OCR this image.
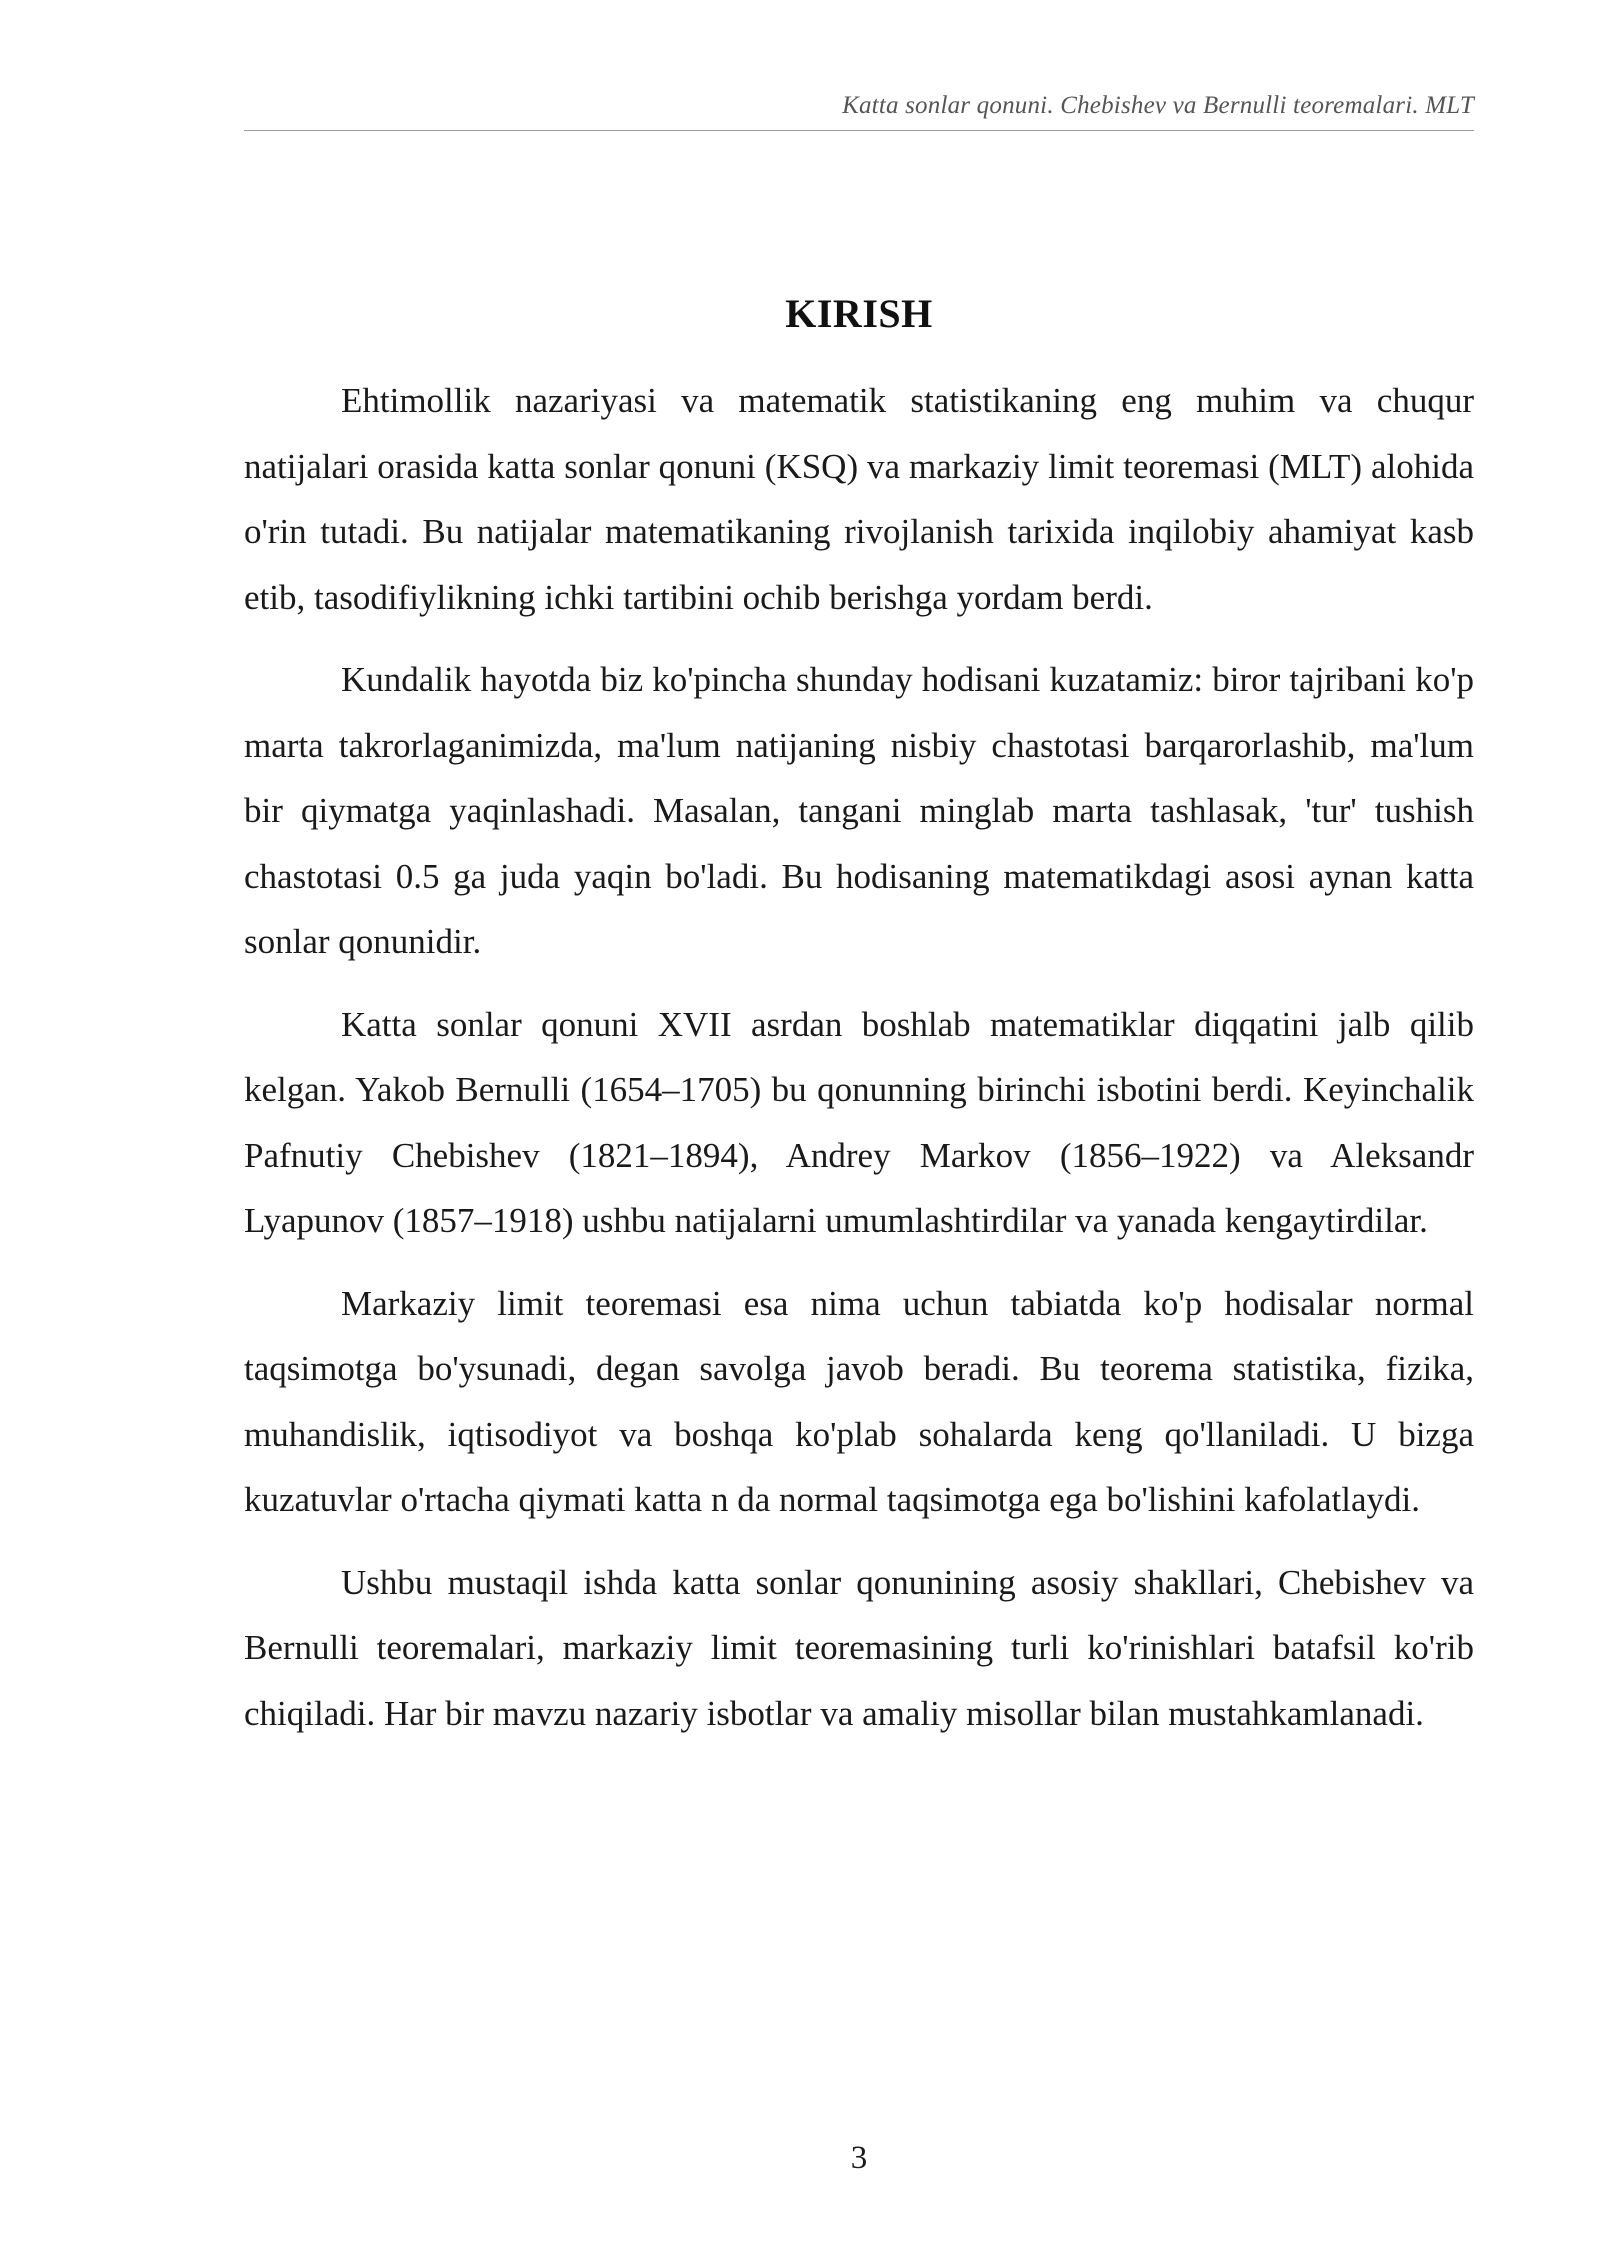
Katta sonlar qonuni. Chebishev va Bernulli teoremalari. MLT
KIRISH

Ehtimollik nazariyasi va matematik statistikaning eng muhim va chuqur natijalari orasida katta sonlar qonuni (KSQ) va markaziy limit teoremasi (MLT) alohida o'rin tutadi. Bu natijalar matematikaning rivojlanish tarixida inqilobiy ahamiyat kasb etib, tasodifiylikning ichki tartibini ochib berishga yordam berdi.

Kundalik hayotda biz ko'pincha shunday hodisani kuzatamiz: biror tajribani ko'p marta takrorlaganimizda, ma'lum natijaning nisbiy chastotasi barqarorlashib, ma'lum bir qiymatga yaqinlashadi. Masalan, tangani minglab marta tashlasak, 'tur' tushish chastotasi 0.5 ga juda yaqin bo'ladi. Bu hodisaning matematikdagi asosi aynan katta sonlar qonunidir.

Katta sonlar qonuni XVII asrdan boshlab matematiklar diqqatini jalb qilib kelgan. Yakob Bernulli (1654–1705) bu qonunning birinchi isbotini berdi. Keyinchalik Pafnutiy Chebishev (1821–1894), Andrey Markov (1856–1922) va Aleksandr Lyapunov (1857–1918) ushbu natijalarni umumlashtirdilar va yanada kengaytirdilar.

Markaziy limit teoremasi esa nima uchun tabiatda ko'p hodisalar normal taqsimotga bo'ysunadi, degan savolga javob beradi. Bu teorema statistika, fizika, muhandislik, iqtisodiyot va boshqa ko'plab sohalarda keng qo'llaniladi. U bizga kuzatuvlar o'rtacha qiymati katta n da normal taqsimotga ega bo'lishini kafolatlaydi.

Ushbu mustaqil ishda katta sonlar qonunining asosiy shakllari, Chebishev va Bernulli teoremalari, markaziy limit teoremasining turli ko'rinishlari batafsil ko'rib chiqiladi. Har bir mavzu nazariy isbotlar va amaliy misollar bilan mustahkamlanadi.

3
